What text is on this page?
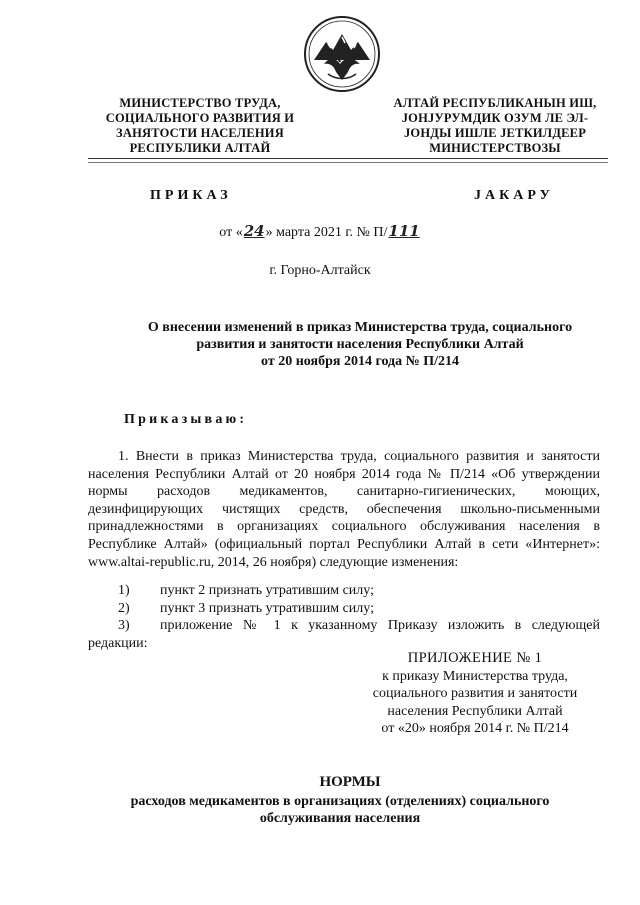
МИНИСТЕРСТВО ТРУДА,
СОЦИАЛЬНОГО РАЗВИТИЯ И
ЗАНЯТОСТИ НАСЕЛЕНИЯ
РЕСПУБЛИКИ АЛТАЙ
АЛТАЙ РЕСПУБЛИКАНЫН ИШ,
ЈОНЈУРУМДИК ОЗУМ ЛЕ ЭЛ-
ЈОНДЫ ИШЛЕ ЈЕТКИЛДЕЕР
МИНИСТЕРСТВОЗЫ
ПРИКАЗ	ЈАКАРУ
от «24» марта 2021 г. № П/111
г. Горно-Алтайск
О внесении изменений в приказ Министерства труда, социального
развития и занятости населения Республики Алтай
от 20 ноября 2014 года № П/214
Приказываю:

1. Внести в приказ Министерства труда, социального развития и занятости населения Республики Алтай от 20 ноября 2014 года № П/214 «Об утверждении нормы расходов медикаментов, санитарно-гигиенических, моющих, дезинфицирующих чистящих средств, обеспечения школьно-письменными принадлежностями в организациях социального обслуживания населения в Республике Алтай» (официальный портал Республики Алтай в сети «Интернет»: www.altai-republic.ru, 2014, 26 ноября) следующие изменения:

1)	пункт 2 признать утратившим силу;
2)	пункт 3 признать утратившим силу;
3)	приложение № 1 к указанному Приказу изложить в следующей
редакции:
ПРИЛОЖЕНИЕ № 1
к приказу Министерства труда,
социального развития и занятости
населения Республики Алтай
от «20» ноября 2014 г. № П/214
НОРМЫ
расходов медикаментов в организациях (отделениях) социального
обслуживания населения
